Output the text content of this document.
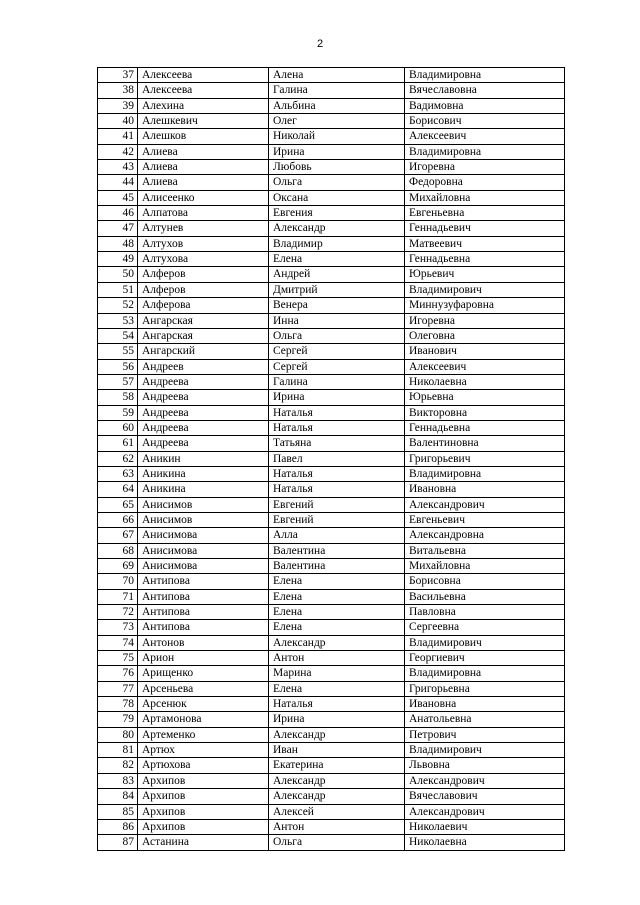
2
37	Алексеева	Алена	Владимировна
38	Алексеева	Галина	Вячеславовна
39	Алехина	Альбина	Вадимовна
40	Алешкевич	Олег	Борисович
41	Алешков	Николай	Алексеевич
42	Алиева	Ирина	Владимировна
43	Алиева	Любовь	Игоревна
44	Алиева	Ольга	Федоровна
45	Алисеенко	Оксана	Михайловна
46	Алпатова	Евгения	Евгеньевна
47	Алтунев	Александр	Геннадьевич
48	Алтухов	Владимир	Матвеевич
49	Алтухова	Елена	Геннадьевна
50	Алферов	Андрей	Юрьевич
51	Алферов	Дмитрий	Владимирович
52	Алферова	Венера	Миннузуфаровна
53	Ангарская	Инна	Игоревна
54	Ангарская	Ольга	Олеговна
55	Ангарский	Сергей	Иванович
56	Андреев	Сергей	Алексеевич
57	Андреева	Галина	Николаевна
58	Андреева	Ирина	Юрьевна
59	Андреева	Наталья	Викторовна
60	Андреева	Наталья	Геннадьевна
61	Андреева	Татьяна	Валентиновна
62	Аникин	Павел	Григорьевич
63	Аникина	Наталья	Владимировна
64	Аникина	Наталья	Ивановна
65	Анисимов	Евгений	Александрович
66	Анисимов	Евгений	Евгеньевич
67	Анисимова	Алла	Александровна
68	Анисимова	Валентина	Витальевна
69	Анисимова	Валентина	Михайловна
70	Антипова	Елена	Борисовна
71	Антипова	Елена	Васильевна
72	Антипова	Елена	Павловна
73	Антипова	Елена	Сергеевна
74	Антонов	Александр	Владимирович
75	Арион	Антон	Георгиевич
76	Арищенко	Марина	Владимировна
77	Арсеньева	Елена	Григорьевна
78	Арсенюк	Наталья	Ивановна
79	Артамонова	Ирина	Анатольевна
80	Артеменко	Александр	Петрович
81	Артюх	Иван	Владимирович
82	Артюхова	Екатерина	Львовна
83	Архипов	Александр	Александрович
84	Архипов	Александр	Вячеславович
85	Архипов	Алексей	Александрович
86	Архипов	Антон	Николаевич
87	Астанина	Ольга	Николаевна
